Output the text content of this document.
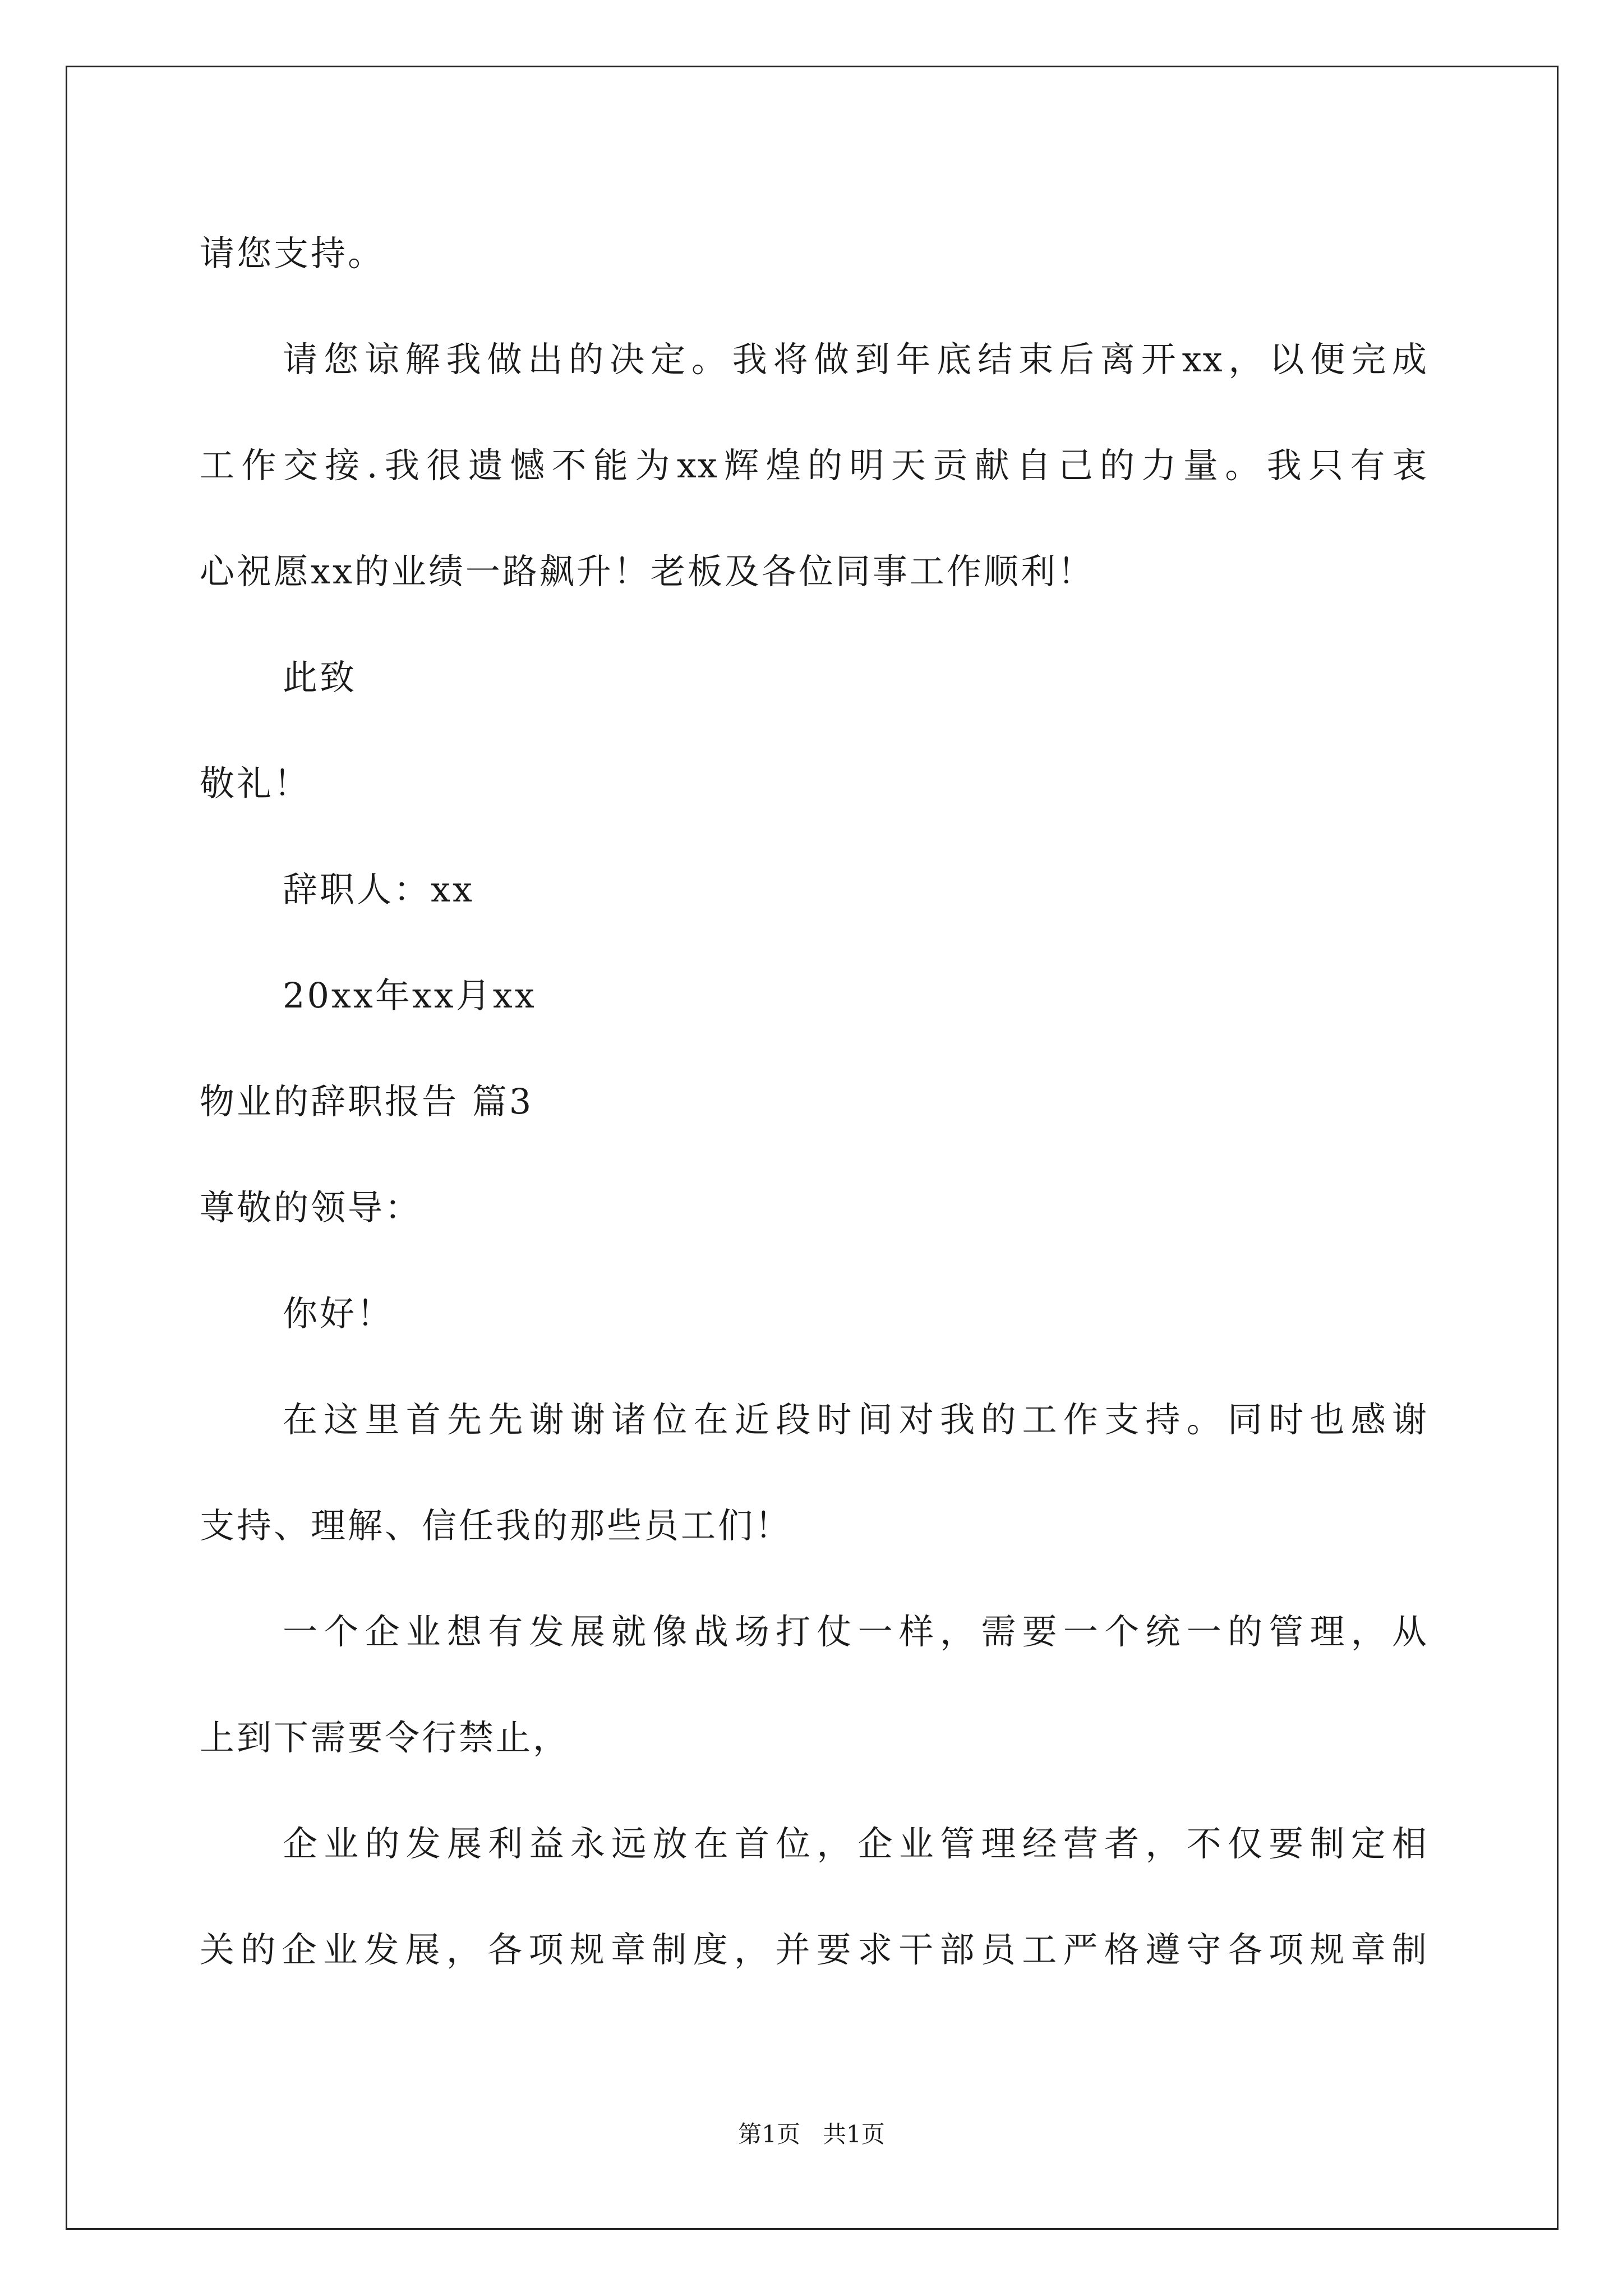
请您支持。
请您谅解我做出的决定。我将做到年底结束后离开xx，以便完成
工作交接.我很遗憾不能为xx辉煌的明天贡献自己的力量。我只有衷
心祝愿xx的业绩一路飙升！老板及各位同事工作顺利！
此致
敬礼！
辞职人：xx
20xx年xx月xx
物业的辞职报告 篇3
尊敬的领导：
你好！
在这里首先先谢谢诸位在近段时间对我的工作支持。同时也感谢
支持、理解、信任我的那些员工们！
一个企业想有发展就像战场打仗一样，需要一个统一的管理，从
上到下需要令行禁止，
企业的发展利益永远放在首位，企业管理经营者，不仅要制定相
关的企业发展，各项规章制度，并要求干部员工严格遵守各项规章制
第1页   共1页
